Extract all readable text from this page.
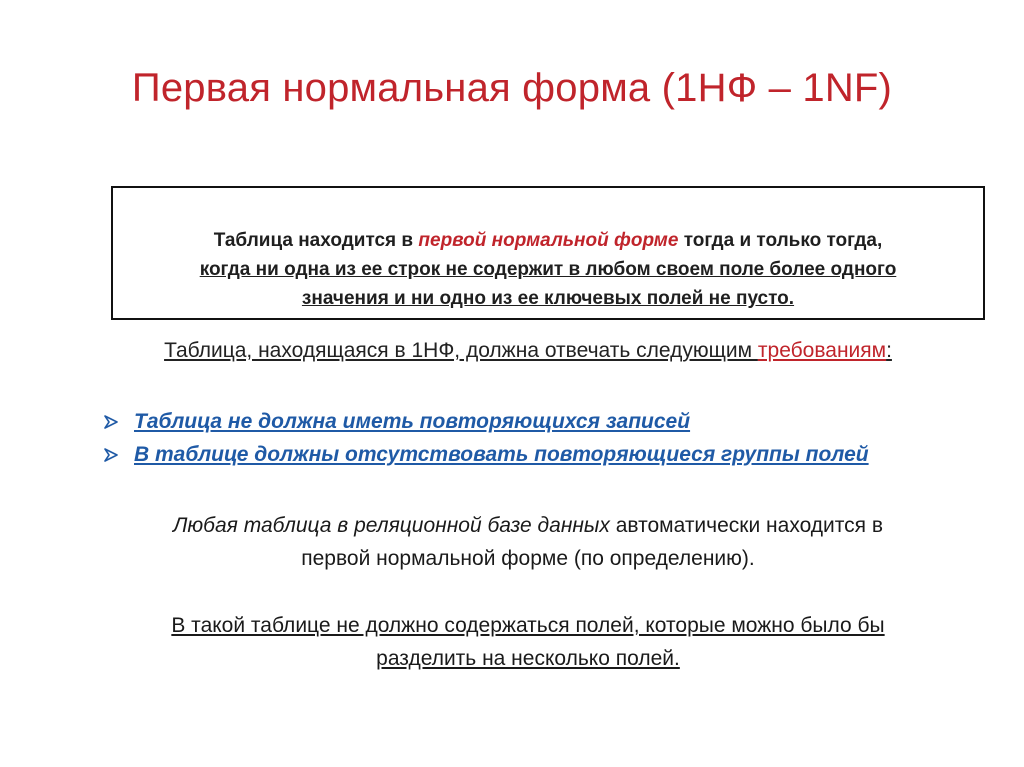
Первая нормальная форма (1НФ – 1NF)
Таблица находится в первой нормальной форме тогда и только тогда,
когда ни одна из ее строк не содержит в любом своем поле более одного
значения и ни одно из ее ключевых полей не пусто.
Таблица, находящаяся в 1НФ, должна отвечать следующим требованиям:
Таблица не должна иметь повторяющихся записей
В таблице должны отсутствовать повторяющиеся группы полей
Любая таблица в реляционной базе данных автоматически находится в
первой нормальной форме (по определению).
В такой таблице не должно содержаться полей, которые можно было бы
разделить на несколько полей.
